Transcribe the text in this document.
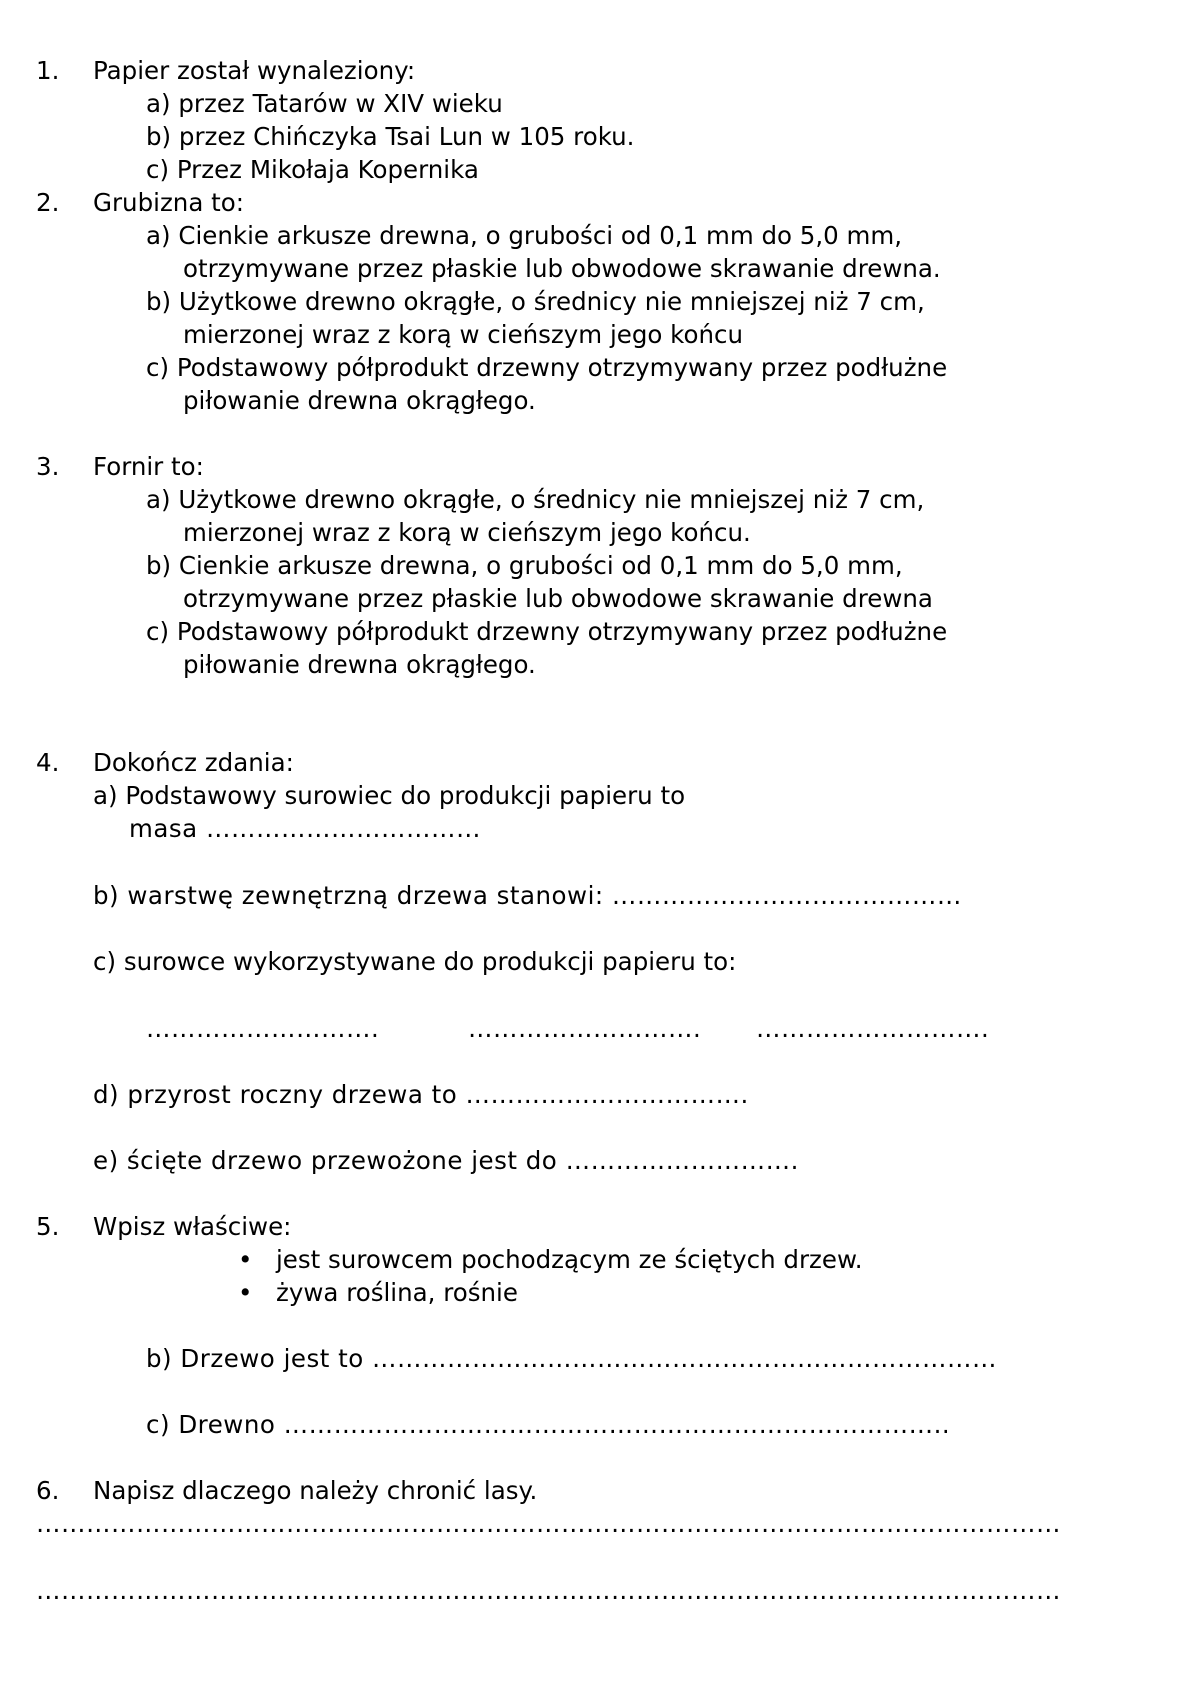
1. Papier został wynaleziony:
a) przez Tatarów w XIV wieku
b) przez Chińczyka Tsai Lun w 105 roku.
c) Przez Mikołaja Kopernika
2. Grubizna to:
a) Cienkie arkusze drewna, o grubości od 0,1 mm do 5,0 mm,
otrzymywane przez płaskie lub obwodowe skrawanie drewna.
b) Użytkowe drewno okrągłe, o średnicy nie mniejszej niż 7 cm,
mierzonej wraz z korą w cieńszym jego końcu
c) Podstawowy półprodukt drzewny otrzymywany przez podłużne
piłowanie drewna okrągłego.
3. Fornir to:
a) Użytkowe drewno okrągłe, o średnicy nie mniejszej niż 7 cm,
mierzonej wraz z korą w cieńszym jego końcu.
b) Cienkie arkusze drewna, o grubości od 0,1 mm do 5,0 mm,
otrzymywane przez płaskie lub obwodowe skrawanie drewna
c) Podstawowy półprodukt drzewny otrzymywany przez podłużne
piłowanie drewna okrągłego.
4. Dokończ zdania:
a) Podstawowy surowiec do produkcji papieru to
masa ……………………………
b) warstwę zewnętrzną drzewa stanowi: ……………………………………
c) surowce wykorzystywane do produkcji papieru to:
……………………….	………………………. ……………………….
d) przyrost roczny drzewa to …………………………….
e) ścięte drzewo przewożone jest do ……………………….
5. Wpisz właściwe:
• jest surowcem pochodzącym ze ściętych drzew.
• żywa roślina, rośnie
b) Drzewo jest to …………………………………………………………………
c) Drewno ……………………………………………………………………..
6. Napisz dlaczego należy chronić lasy.
……………………………………………………………………………………………………………
……………………………………………………………………………………………………………
